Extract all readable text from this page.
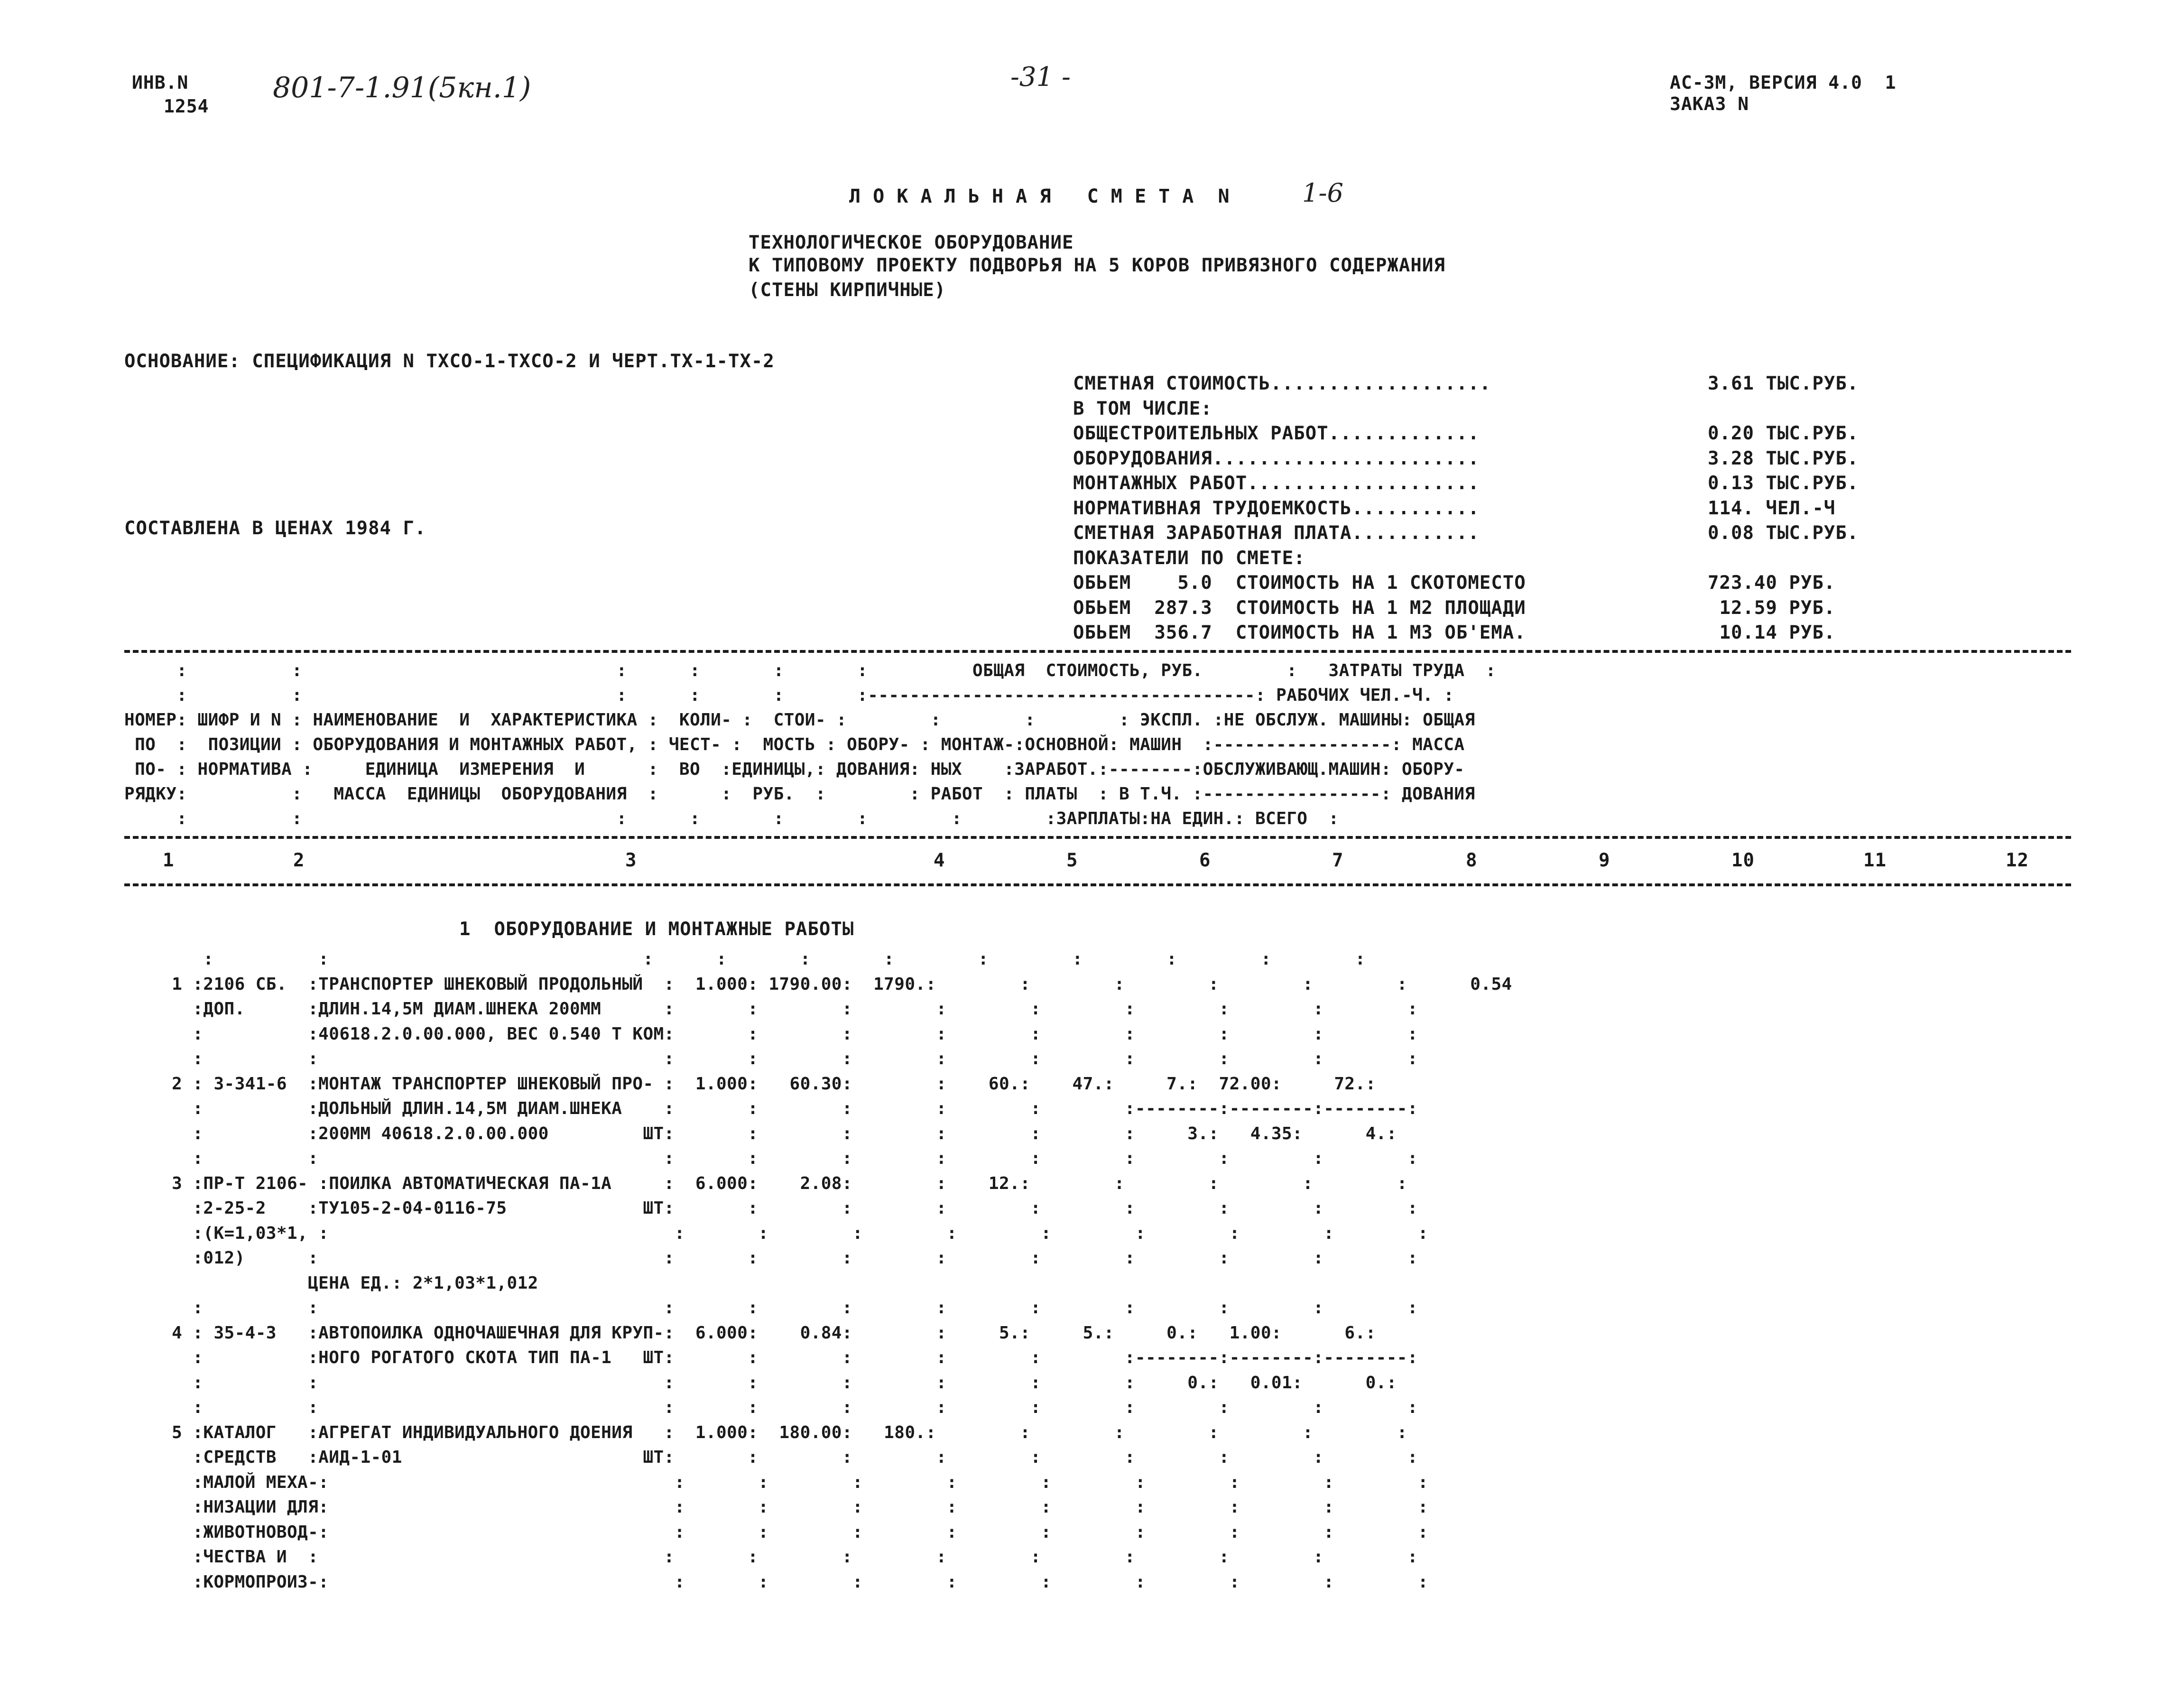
ИНВ.N
1254
801-7-1.91(5кн.1)	-31 -	АС-3М, ВЕРСИЯ 4.0  1
ЗАКАЗ N
Л О К А Л Ь Н А Я   С М Е Т А  N	1-6
ТЕХНОЛОГИЧЕСКОЕ ОБОРУДОВАНИЕ
К ТИПОВОМУ ПРОЕКТУ ПОДВОРЬЯ НА 5 КОРОВ ПРИВЯЗНОГО СОДЕРЖАНИЯ
(СТЕНЫ КИРПИЧНЫЕ)
ОСНОВАНИЕ: СПЕЦИФИКАЦИЯ N ТХСО-1-ТХСО-2 И ЧЕРТ.ТХ-1-ТХ-2
СОСТАВЛЕНА В ЦЕНАХ 1984 Г.
СМЕТНАЯ СТОИМОСТЬ...................	3.61 ТЫС.РУБ.
В ТОМ ЧИСЛЕ:
ОБЩЕСТРОИТЕЛЬНЫХ РАБОТ.............	0.20 ТЫС.РУБ.
ОБОРУДОВАНИЯ.......................	3.28 ТЫС.РУБ.
МОНТАЖНЫХ РАБОТ....................	0.13 ТЫС.РУБ.
НОРМАТИВНАЯ ТРУДОЕМКОСТЬ...........	114. ЧЕЛ.-Ч
СМЕТНАЯ ЗАРАБОТНАЯ ПЛАТА...........	0.08 ТЫС.РУБ.
ПОКАЗАТЕЛИ ПО СМЕТЕ:
ОБЬЕМ    5.0  СТОИМОСТЬ НА 1 СКОТОМЕСТО	723.40 РУБ.
ОБЬЕМ  287.3  СТОИМОСТЬ НА 1 М2 ПЛОЩАДИ	12.59 РУБ.
ОБЬЕМ  356.7  СТОИМОСТЬ НА 1 М3 ОБ'ЕМА.	10.14 РУБ.
:          :                              :      :       :       :          ОБЩАЯ  СТОИМОСТЬ, РУБ.        :   ЗАТРАТЫ ТРУДА  :
:          :                              :      :       :       :-------------------------------------: РАБОЧИХ ЧЕЛ.-Ч. :
НОМЕР: ШИФР И N : НАИМЕНОВАНИЕ  И  ХАРАКТЕРИСТИКА :  КОЛИ- :  СТОИ- :        :        :        : ЭКСПЛ. :НЕ ОБСЛУЖ. МАШИНЫ: ОБЩАЯ
ПО  :  ПОЗИЦИИ : ОБОРУДОВАНИЯ И МОНТАЖНЫХ РАБОТ, : ЧЕСТ- :  МОСТЬ : ОБОРУ- : МОНТАЖ-:ОСНОВНОЙ: МАШИН  :-----------------: МАССА
ПО- : НОРМАТИВА :     ЕДИНИЦА  ИЗМЕРЕНИЯ  И      :  ВО  :ЕДИНИЦЫ,: ДОВАНИЯ: НЫХ    :ЗАРАБОТ.:--------:ОБСЛУЖИВАЮЩ.МАШИН: ОБОРУ-
РЯДКУ:          :   МАССА  ЕДИНИЦЫ  ОБОРУДОВАНИЯ  :      :  РУБ.  :        : РАБОТ  : ПЛАТЫ  : В Т.Ч. :-----------------: ДОВАНИЯ
:          :                              :      :       :       :        :        :ЗАРПЛАТЫ:НА ЕДИН.: ВСЕГО  :
1	2	3	4	5	6	7	8	9	10	11	12
1  ОБОРУДОВАНИЕ И МОНТАЖНЫЕ РАБОТЫ
:          :                              :      :       :       :        :        :        :        :        :
1 :2106 СБ.  :ТРАНСПОРТЕР ШНЕКОВЫЙ ПРОДОЛЬНЫЙ  :  1.000: 1790.00:  1790.:        :        :        :        :        :      0.54
:ДОП.      :ДЛИН.14,5М ДИАМ.ШНЕКА 200ММ      :       :        :        :        :        :        :        :        :
:          :40618.2.0.00.000, ВЕС 0.540 Т КОМ:       :        :        :        :        :        :        :        :
:          :                                 :       :        :        :        :        :        :        :        :
2 : 3-341-6  :МОНТАЖ ТРАНСПОРТЕР ШНЕКОВЫЙ ПРО- :  1.000:   60.30:        :    60.:    47.:     7.:  72.00:     72.:
:          :ДОЛЬНЫЙ ДЛИН.14,5М ДИАМ.ШНЕКА    :       :        :        :        :        :--------:--------:--------:
:          :200ММ 40618.2.0.00.000         ШТ:       :        :        :        :        :     3.:   4.35:      4.:
:          :                                 :       :        :        :        :        :        :        :        :
3 :ПР-Т 2106- :ПОИЛКА АВТОМАТИЧЕСКАЯ ПА-1А     :  6.000:    2.08:        :    12.:        :        :        :        :
:2-25-2    :ТУ105-2-04-0116-75             ШТ:       :        :        :        :        :        :        :        :
:(К=1,03*1, :                                 :       :        :        :        :        :        :        :        :
:012)      :                                 :       :        :        :        :        :        :        :        :
ЦЕНА ЕД.: 2*1,03*1,012
:          :                                 :       :        :        :        :        :        :        :        :
4 : 35-4-3   :АВТОПОИЛКА ОДНОЧАШЕЧНАЯ ДЛЯ КРУП-:  6.000:    0.84:        :     5.:     5.:     0.:   1.00:      6.:
:          :НОГО РОГАТОГО СКОТА ТИП ПА-1   ШТ:       :        :        :        :        :--------:--------:--------:
:          :                                 :       :        :        :        :        :     0.:   0.01:      0.:
:          :                                 :       :        :        :        :        :        :        :        :
5 :КАТАЛОГ   :АГРЕГАТ ИНДИВИДУАЛЬНОГО ДОЕНИЯ   :  1.000:  180.00:   180.:        :        :        :        :        :
:СРЕДСТВ   :АИД-1-01                       ШТ:       :        :        :        :        :        :        :        :
:МАЛОЙ МЕХА-:                                 :       :        :        :        :        :        :        :        :
:НИЗАЦИИ ДЛЯ:                                 :       :        :        :        :        :        :        :        :
:ЖИВОТНОВОД-:                                 :       :        :        :        :        :        :        :        :
:ЧЕСТВА И  :                                 :       :        :        :        :        :        :        :        :
:КОРМОПРОИЗ-:                                 :       :        :        :        :        :        :        :        :
